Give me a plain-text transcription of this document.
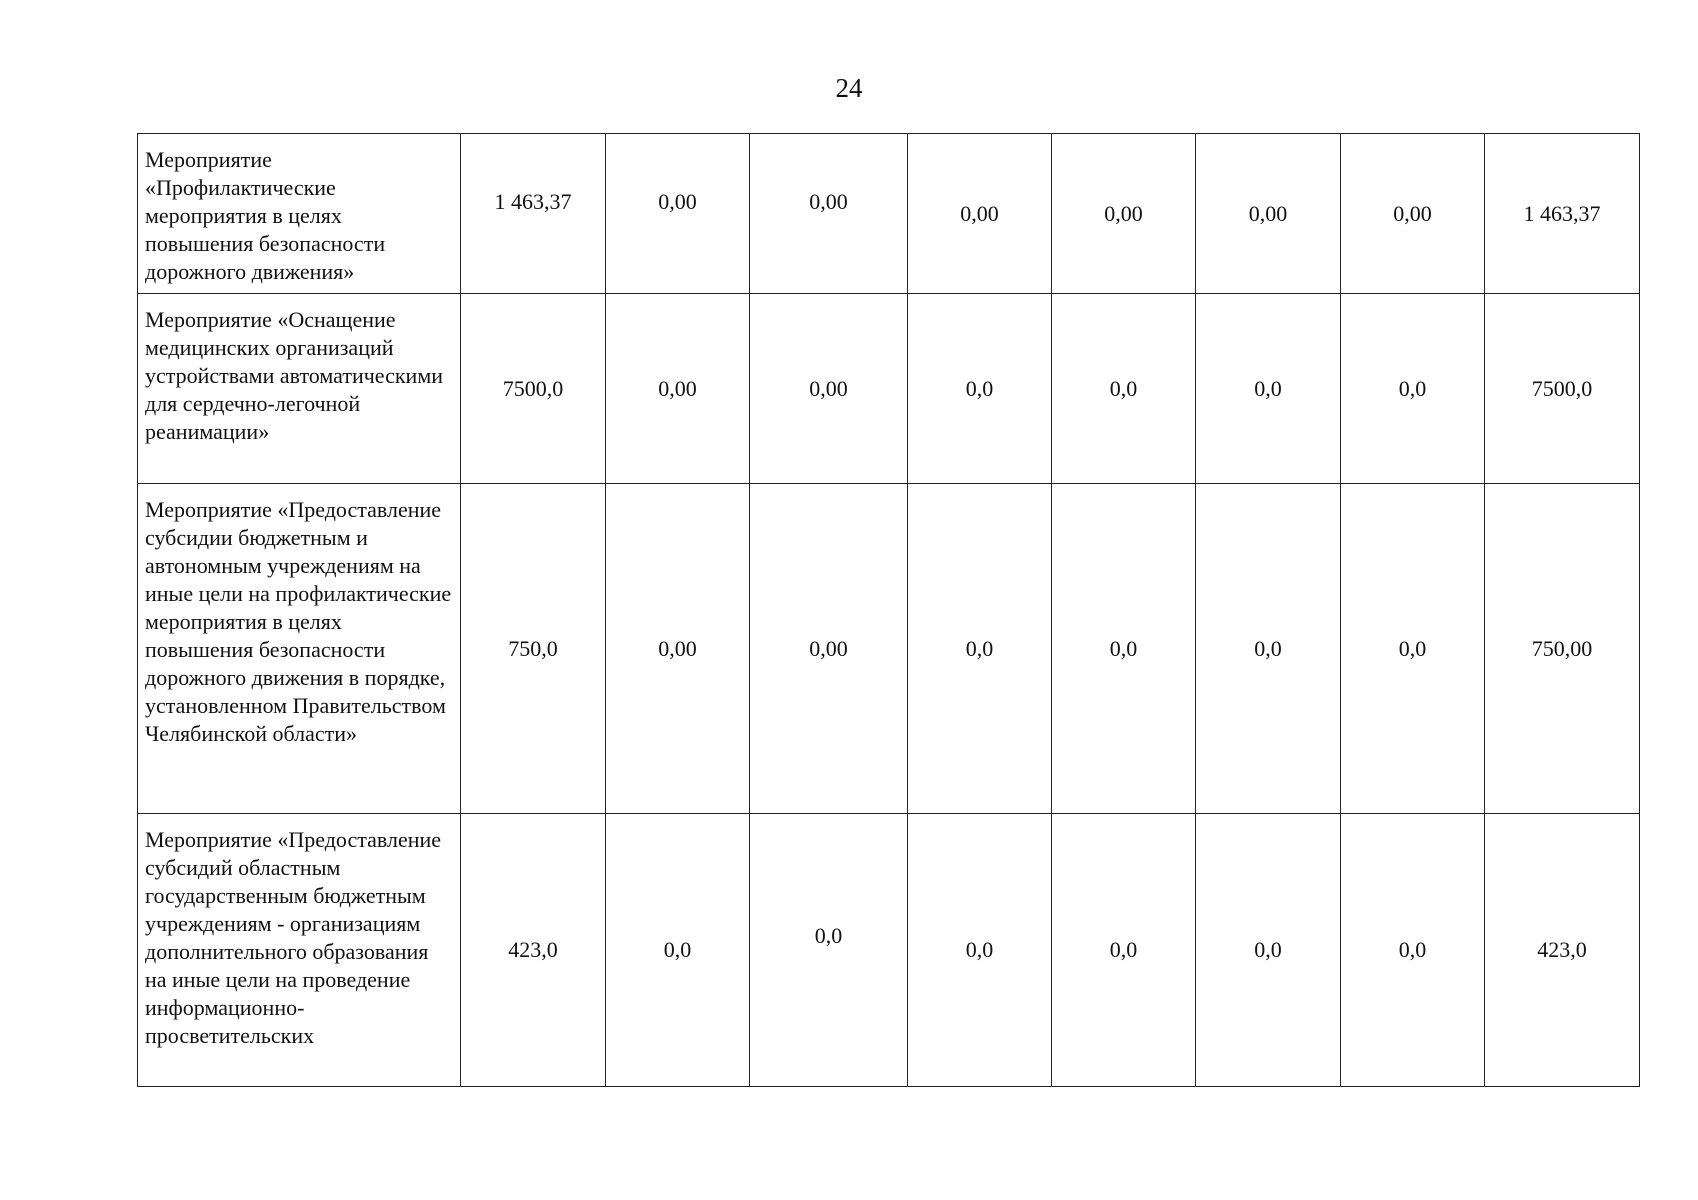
24
Мероприятие «Профилактические мероприятия в целях повышения безопасности дорожного движения»	1 463,37	0,00	0,00	0,00	0,00	0,00	0,00	1 463,37
Мероприятие «Оснащение медицинских организаций устройствами автоматическими для сердечно-легочной реанимации»	7500,0	0,00	0,00	0,0	0,0	0,0	0,0	7500,0
Мероприятие «Предоставление субсидии бюджетным и автономным учреждениям на иные цели на профилактические мероприятия в целях повышения безопасности дорожного движения в порядке, установленном Правительством Челябинской области»	750,0	0,00	0,00	0,0	0,0	0,0	0,0	750,00
Мероприятие «Предоставление субсидий областным государственным бюджетным учреждениям - организациям дополнительного образования на иные цели на проведение информационно-просветительских	423,0	0,0	0,0	0,0	0,0	0,0	0,0	423,0
